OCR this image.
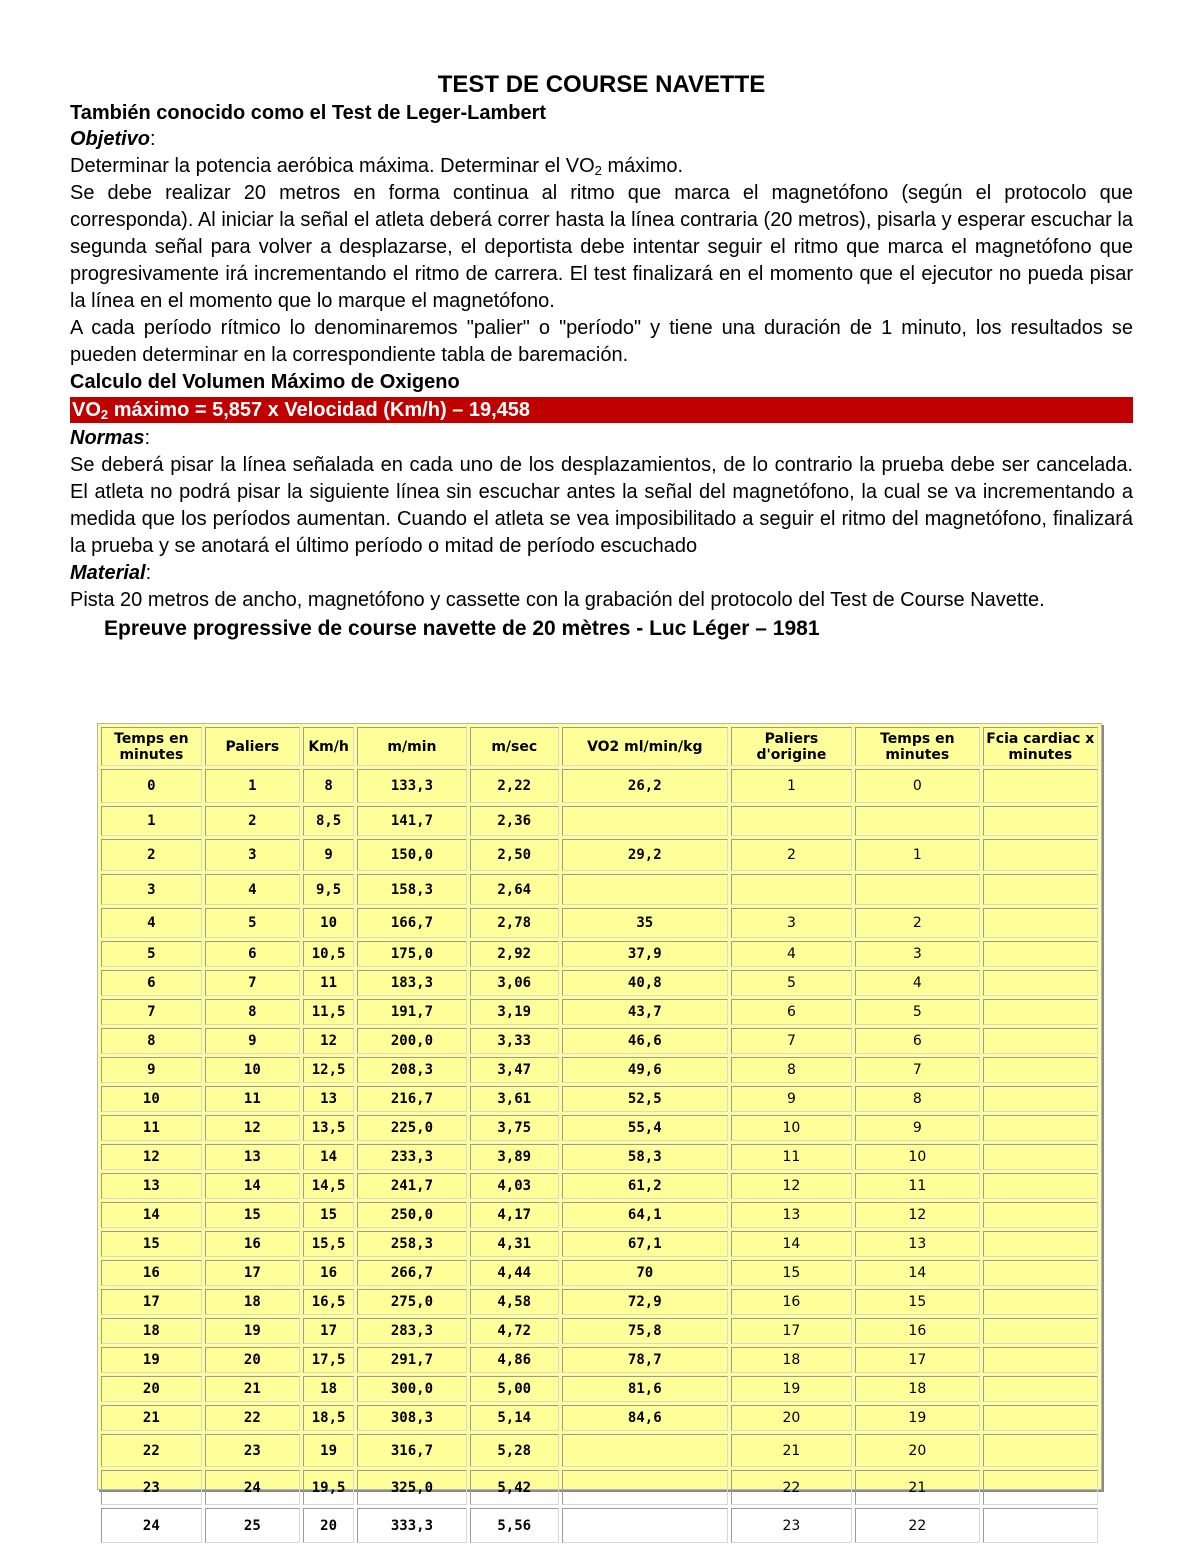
TEST DE COURSE NAVETTE

También conocido como el Test de Leger-Lambert

Objetivo:

Determinar la potencia aeróbica máxima. Determinar el $VO_2$ máximo.

Se debe realizar 20 metros en forma continua al ritmo que marca el magnetófono (según el protocolo que corresponda). Al iniciar la señal el atleta deberá correr hasta la línea contraria (20 metros), pisarla y esperar escuchar la segunda señal para volver a desplazarse, el deportista debe intentar seguir el ritmo que marca el magnetófono que progresivamente irá incrementando el ritmo de carrera. El test finalizará en el momento que el ejecutor no pueda pisar la línea en el momento que lo marque el magnetófono.

A cada período rítmico lo denominaremos "palier" o "período" y tiene una duración de 1 minuto, los resultados se pueden determinar en la correspondiente tabla de baremación.

Calculo del Volumen Máximo de Oxigeno

$VO_2$ máximo = 5,857 x Velocidad (Km/h) – 19,458

Normas:

Se deberá pisar la línea señalada en cada uno de los desplazamientos, de lo contrario la prueba debe ser cancelada. El atleta no podrá pisar la siguiente línea sin escuchar antes la señal del magnetófono, la cual se va incrementando a medida que los períodos aumentan. Cuando el atleta se vea imposibilitado a seguir el ritmo del magnetófono, finalizará la prueba y se anotará el último período o mitad de período escuchado

Material:

Pista 20 metros de ancho, magnetófono y cassette con la grabación del protocolo del Test de Course Navette.

Epreuve progressive de course navette de 20 mètres - Luc Léger – 1981

Temps en minutes	Paliers	Km/h	m/min	m/sec	VO2 ml/min/kg	Paliers d'origine	Temps en minutes	Fcia cardiac x minutes
0	1	8	133,3	2,22	26,2	1	0	
1	2	8,5	141,7	2,36				
2	3	9	150,0	2,50	29,2	2	1	
3	4	9,5	158,3	2,64				
4	5	10	166,7	2,78	35	3	2	
5	6	10,5	175,0	2,92	37,9	4	3	
6	7	11	183,3	3,06	40,8	5	4	
7	8	11,5	191,7	3,19	43,7	6	5	
8	9	12	200,0	3,33	46,6	7	6	
9	10	12,5	208,3	3,47	49,6	8	7	
10	11	13	216,7	3,61	52,5	9	8	
11	12	13,5	225,0	3,75	55,4	10	9	
12	13	14	233,3	3,89	58,3	11	10	
13	14	14,5	241,7	4,03	61,2	12	11	
14	15	15	250,0	4,17	64,1	13	12	
15	16	15,5	258,3	4,31	67,1	14	13	
16	17	16	266,7	4,44	70	15	14	
17	18	16,5	275,0	4,58	72,9	16	15	
18	19	17	283,3	4,72	75,8	17	16	
19	20	17,5	291,7	4,86	78,7	18	17	
20	21	18	300,0	5,00	81,6	19	18	
21	22	18,5	308,3	5,14	84,6	20	19	
22	23	19	316,7	5,28		21	20	
23	24	19,5	325,0	5,42		22	21	
24	25	20	333,3	5,56		23	22	
